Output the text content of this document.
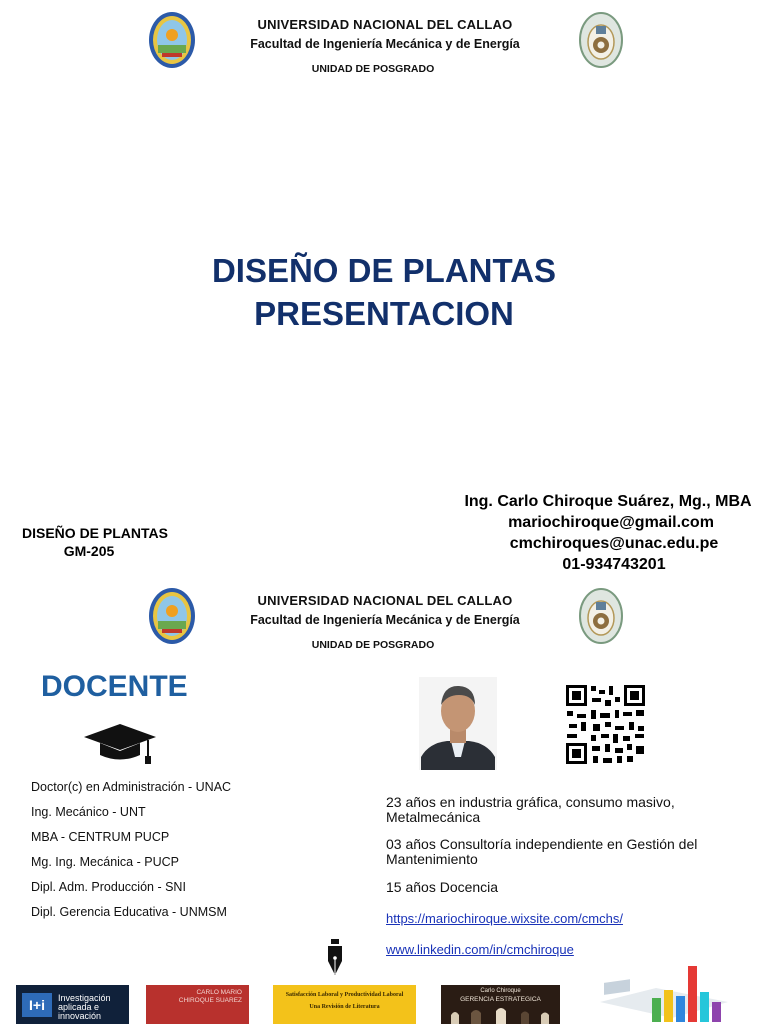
UNIVERSIDAD NACIONAL DEL CALLAO
Facultad de Ingeniería Mecánica y de Energía
UNIDAD DE POSGRADO
DISEÑO DE PLANTAS
PRESENTACION
DISEÑO DE PLANTAS
GM-205
Ing. Carlo Chiroque Suárez, Mg., MBA
mariochiroque@gmail.com
cmchiroques@unac.edu.pe
01-934743201
UNIVERSIDAD NACIONAL DEL CALLAO
Facultad de Ingeniería Mecánica y de Energía
UNIDAD DE POSGRADO
DOCENTE
Doctor(c) en Administración - UNAC
Ing. Mecánico - UNT
MBA - CENTRUM PUCP
Mg. Ing. Mecánica - PUCP
Dipl. Adm. Producción - SNI
Dipl. Gerencia Educativa - UNMSM
23 años en industria gráfica, consumo masivo, Metalmecánica
03 años Consultoría independiente en Gestión del Mantenimiento
15 años Docencia
https://mariochiroque.wixsite.com/cmchs/
www.linkedin.com/in/cmchiroque
I+i	Investigación
aplicada e
innovación
CARLO MARIO
CHIROQUE SUAREZ
Satisfacción Laboral y Productividad Laboral
Una Revisión de Literatura
Carlo Chiroque
GERENCIA ESTRATEGICA
